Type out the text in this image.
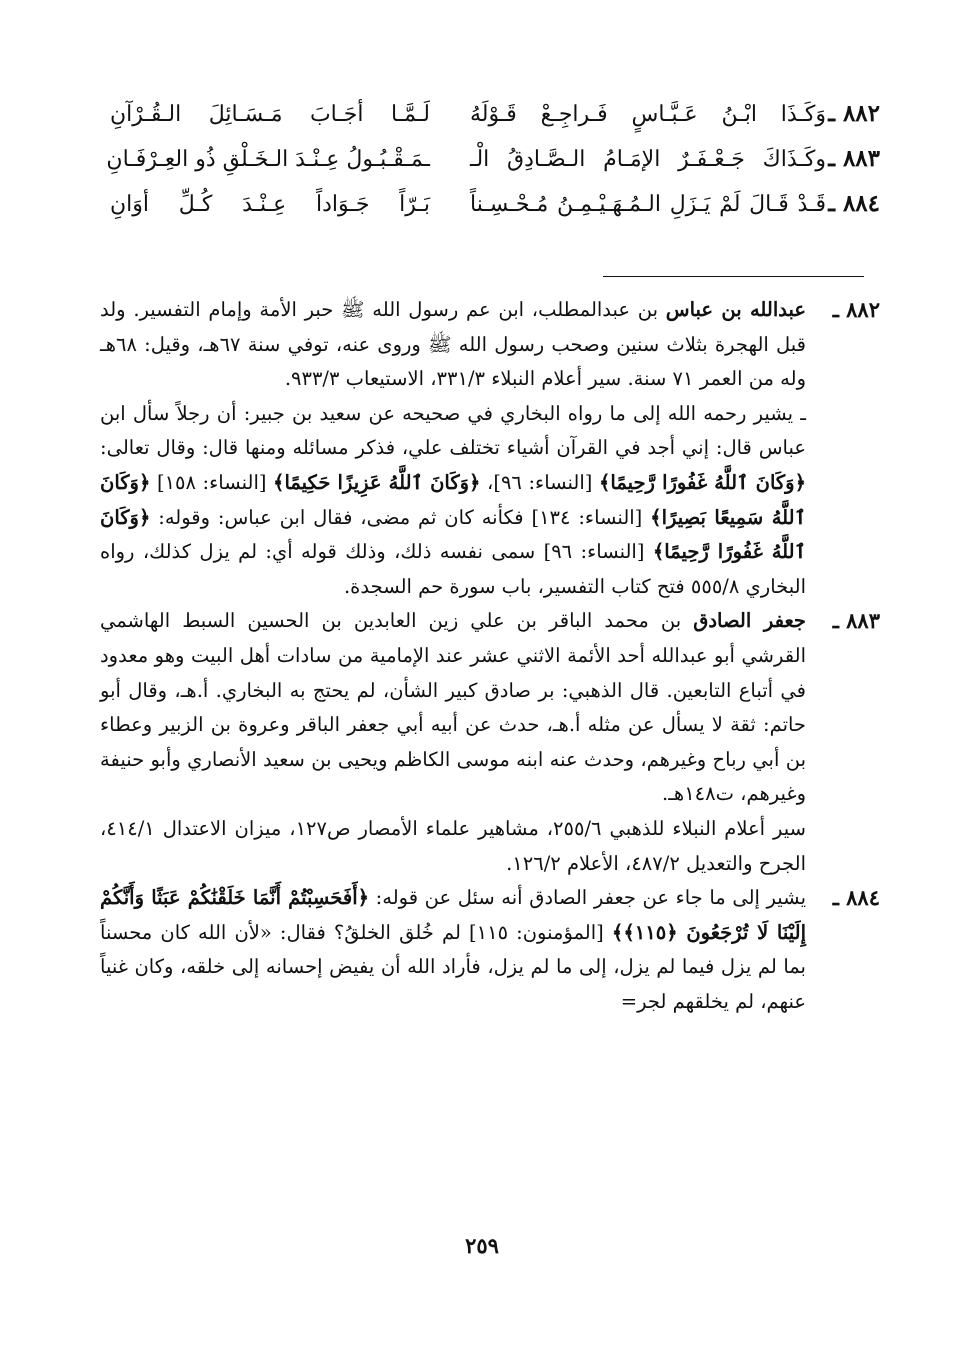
٨٨٢ ـ
وَكَـذَا ابْـنُ عَـبَّـاسٍ فَـراجِـعْ قَـوْلَهُ
لَـمَّـا أجَـابَ مَـسَـائِلَ الـقُـرْآنِ
٨٨٣ ـ
وكَـذَاكَ جَـعْـفَـرٌ الإمَـامُ الـصَّـادِقُ الْـ
ـمَـقْـبُـولُ عِـنْـدَ الـخَـلْقِ ذُو العِـرْفَـانِ
٨٨٤ ـ
قَـدْ قَـالَ لَمْ يَـزَلِ الـمُـهَـيْـمِـنُ مُـحْـسِـناً
بَـرّاً جَـوَاداً عِـنْـدَ كُـلِّ أوَانِ
٨٨٢ ـ

عبدالله بن عباس بن عبدالمطلب، ابن عم رسول الله ﷺ حبر الأمة وإمام التفسير. ولد قبل الهجرة بثلاث سنين وصحب رسول الله ﷺ وروى عنه، توفي سنة ٦٧هـ، وقيل: ٦٨هـ وله من العمر ٧١ سنة. سير أعلام النبلاء ٣٣١/٣، الاستيعاب ٩٣٣/٣.

ـ يشير رحمه الله إلى ما رواه البخاري في صحيحه عن سعيد بن جبير: أن رجلاً سأل ابن عباس قال: إني أجد في القرآن أشياء تختلف علي، فذكر مسائله ومنها قال: وقال تعالى: ﴿وَكَانَ ٱللَّهُ غَفُورًا رَّحِيمًا﴾ [النساء: ٩٦]، ﴿وَكَانَ ٱللَّهُ عَزِيزًا حَكِيمًا﴾ [النساء: ١٥٨] ﴿وَكَانَ ٱللَّهُ سَمِيعًا بَصِيرًا﴾ [النساء: ١٣٤] فكأنه كان ثم مضى، فقال ابن عباس: وقوله: ﴿وَكَانَ ٱللَّهُ غَفُورًا رَّحِيمًا﴾ [النساء: ٩٦] سمى نفسه ذلك، وذلك قوله أي: لم يزل كذلك، رواه البخاري ٥٥٥/٨ فتح كتاب التفسير، باب سورة حم السجدة.

٨٨٣ ـ

جعفر الصادق بن محمد الباقر بن علي زين العابدين بن الحسين السبط الهاشمي القرشي أبو عبدالله أحد الأئمة الاثني عشر عند الإمامية من سادات أهل البيت وهو معدود في أتباع التابعين. قال الذهبي: بر صادق كبير الشأن، لم يحتج به البخاري. أ.هـ، وقال أبو حاتم: ثقة لا يسأل عن مثله أ.هـ، حدث عن أبيه أبي جعفر الباقر وعروة بن الزبير وعطاء بن أبي رباح وغيرهم، وحدث عنه ابنه موسى الكاظم ويحيى بن سعيد الأنصاري وأبو حنيفة وغيرهم، ت١٤٨هـ.

سير أعلام النبلاء للذهبي ٢٥٥/٦، مشاهير علماء الأمصار ص١٢٧، ميزان الاعتدال ٤١٤/١، الجرح والتعديل ٤٨٧/٢، الأعلام ١٢٦/٢.

٨٨٤ ـ

يشير إلى ما جاء عن جعفر الصادق أنه سئل عن قوله: ﴿أَفَحَسِبْتُمْ أَنَّمَا خَلَقْنَٰكُمْ عَبَثًا وَأَنَّكُمْ إِلَيْنَا لَا تُرْجَعُونَ ﴿١١٥﴾﴾ [المؤمنون: ١١٥] لم خُلق الخلقُ؟ فقال: «لأن الله كان محسناً بما لم يزل فيما لم يزل، إلى ما لم يزل، فأراد الله أن يفيض إحسانه إلى خلقه، وكان غنياً عنهم، لم يخلقهم لجر=

٢٥٩
